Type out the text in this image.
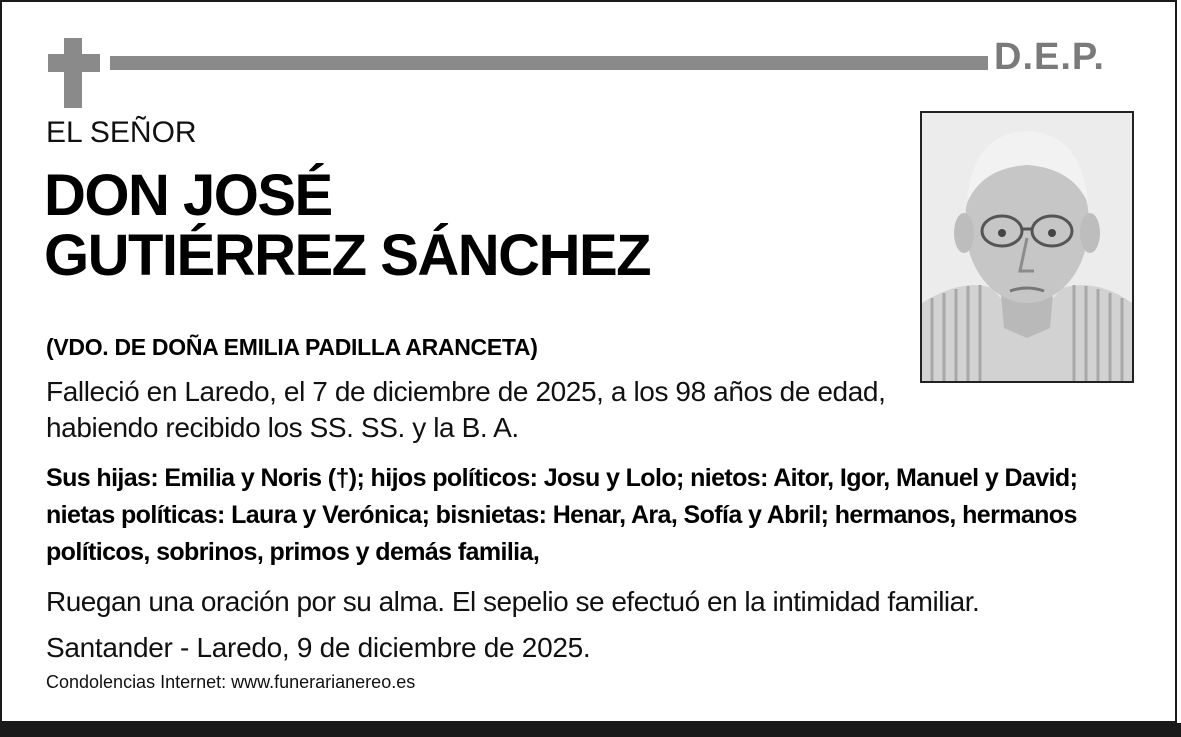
D.E.P.
EL SEÑOR
DON JOSÉ
GUTIÉRREZ SÁNCHEZ
(VDO. DE DOÑA EMILIA PADILLA ARANCETA)
Falleció en Laredo, el 7 de diciembre de 2025, a los 98 años de edad, habiendo recibido los SS. SS. y la B. A.
Sus hijas: Emilia y Noris (†); hijos políticos: Josu y Lolo; nietos: Aitor, Igor, Manuel y David; nietas políticas: Laura y Verónica; bisnietas: Henar, Ara, Sofía y Abril; hermanos, hermanos políticos, sobrinos, primos y demás familia,
Ruegan una oración por su alma. El sepelio se efectuó en la intimidad familiar.
Santander - Laredo, 9 de diciembre de 2025.
Condolencias Internet: www.funerarianereo.es
